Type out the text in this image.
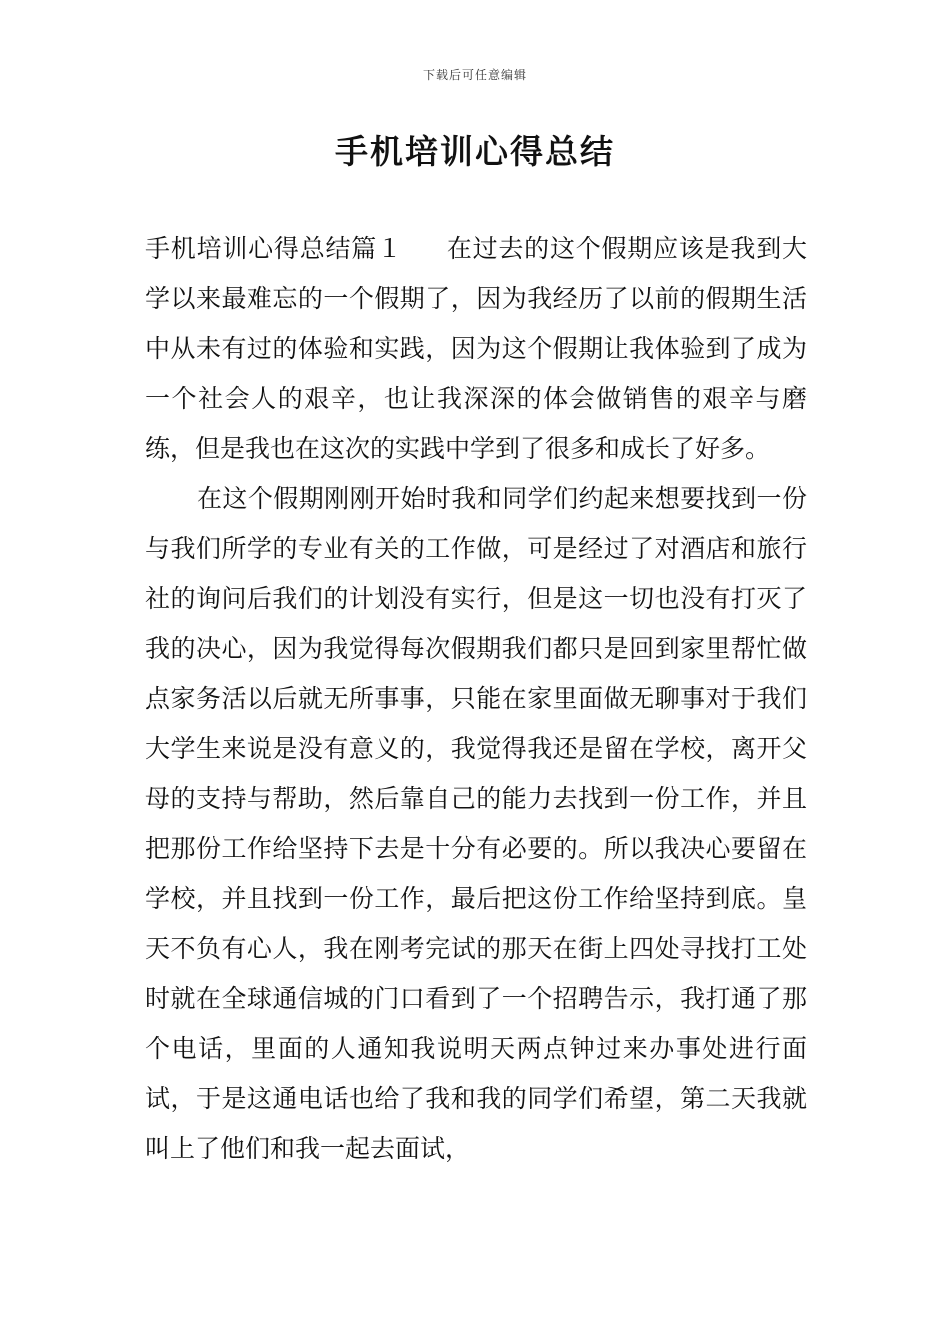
下载后可任意编辑
手机培训心得总结

手机培训心得总结篇１ 在过去的这个假期应该是我到大学以来最难忘的一个假期了，因为我经历了以前的假期生活中从未有过的体验和实践，因为这个假期让我体验到了成为一个社会人的艰辛，也让我深深的体会做销售的艰辛与磨练，但是我也在这次的实践中学到了很多和成长了好多。

在这个假期刚刚开始时我和同学们约起来想要找到一份与我们所学的专业有关的工作做，可是经过了对酒店和旅行社的询问后我们的计划没有实行，但是这一切也没有打灭了我的决心，因为我觉得每次假期我们都只是回到家里帮忙做点家务活以后就无所事事，只能在家里面做无聊事对于我们大学生来说是没有意义的，我觉得我还是留在学校，离开父母的支持与帮助，然后靠自己的能力去找到一份工作，并且把那份工作给坚持下去是十分有必要的。所以我决心要留在学校，并且找到一份工作，最后把这份工作给坚持到底。皇天不负有心人，我在刚考完试的那天在街上四处寻找打工处时就在全球通信城的门口看到了一个招聘告示，我打通了那个电话，里面的人通知我说明天两点钟过来办事处进行面试，于是这通电话也给了我和我的同学们希望，第二天我就叫上了他们和我一起去面试，
